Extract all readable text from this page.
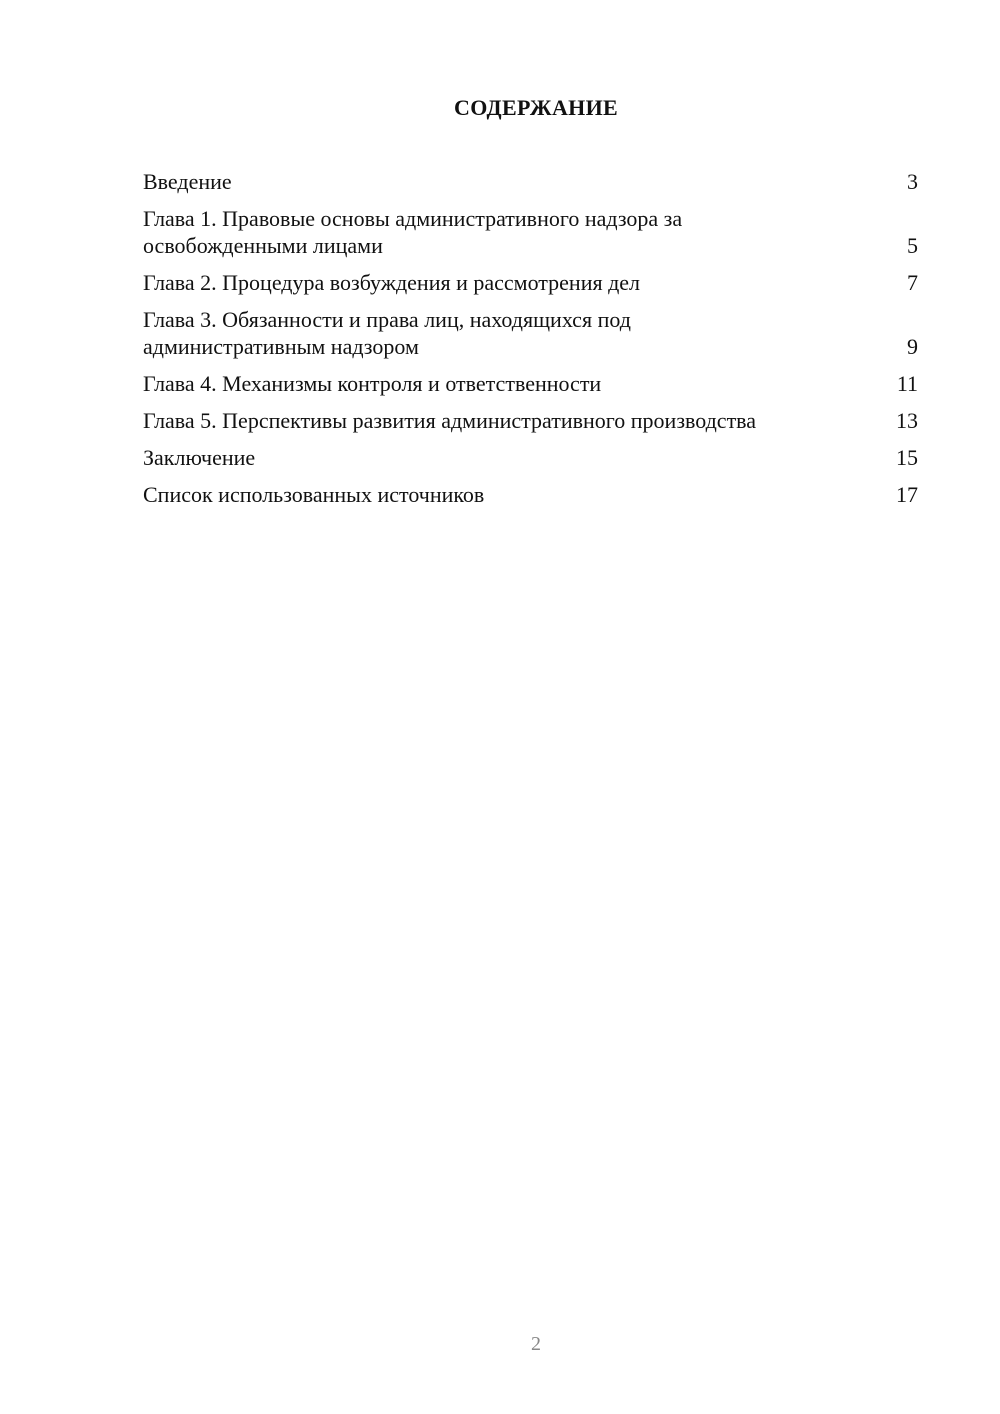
СОДЕРЖАНИЕ
Введение	3
Глава 1. Правовые основы административного надзора за освобожденными лицами	5
Глава 2. Процедура возбуждения и рассмотрения дел	7
Глава 3. Обязанности и права лиц, находящихся под административным надзором	9
Глава 4. Механизмы контроля и ответственности	11
Глава 5. Перспективы развития административного производства	13
Заключение	15
Список использованных источников	17
2
